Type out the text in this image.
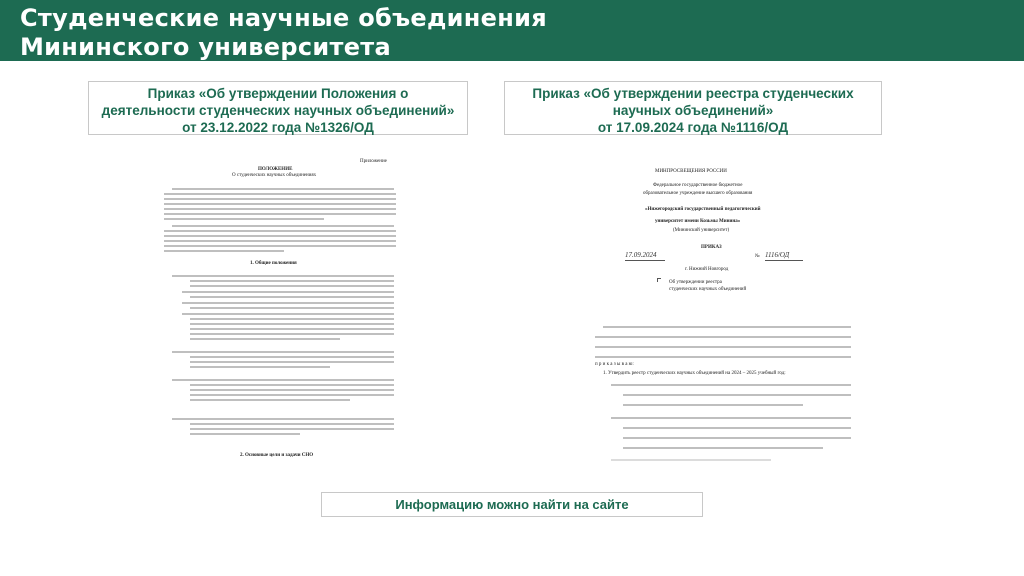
Студенческие научные объединения
Мининского университета
Приказ «Об утверждении Положения о
деятельности студенческих научных объединений»
от 23.12.2022 года №1326/ОД
Приказ «Об утверждении реестра студенческих
научных объединений»
от 17.09.2024 года №1116/ОД
Приложение
ПОЛОЖЕНИЕ
О студенческих научных объединениях
1. Общие положения
2. Основные цели и задачи СНО
МИНПРОСВЕЩЕНИЯ РОССИИ
Федеральное государственное бюджетное
образовательное учреждение высшего образования
«Нижегородский государственный педагогический
университет имени Козьмы Минина»
(Мининский университет)
ПРИКАЗ
17.09.2024	№ 1116/ОД
г. Нижний Новгород
Об утверждении реестра
студенческих научных объединений
п р и к а з ы в а ю:
1. Утвердить реестр студенческих научных объединений на 2024 – 2025 учебный год:
Информацию можно найти на сайте
